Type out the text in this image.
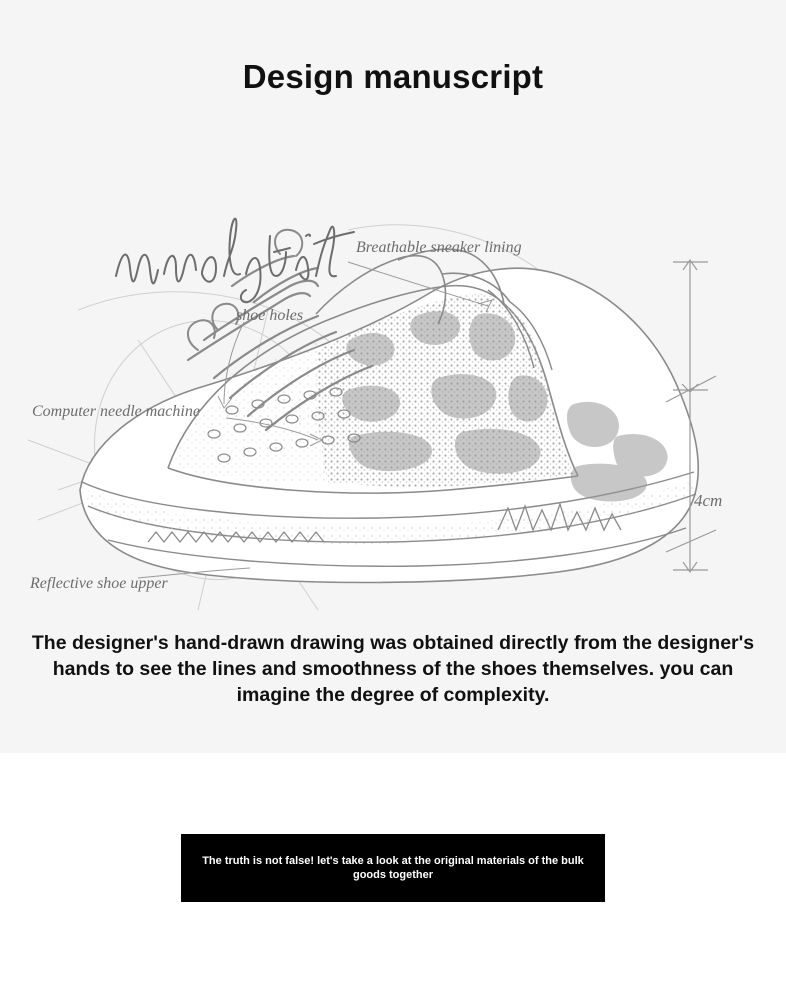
Design manuscript
4cm
Breathable sneaker lining
shoe holes
Computer needle machine
Reflective shoe upper
The designer's hand-drawn drawing was obtained directly from the designer's hands to see the lines and smoothness of the shoes themselves. you can imagine the degree of complexity.
The truth is not false! let's take a look at the original materials of the bulk goods together
